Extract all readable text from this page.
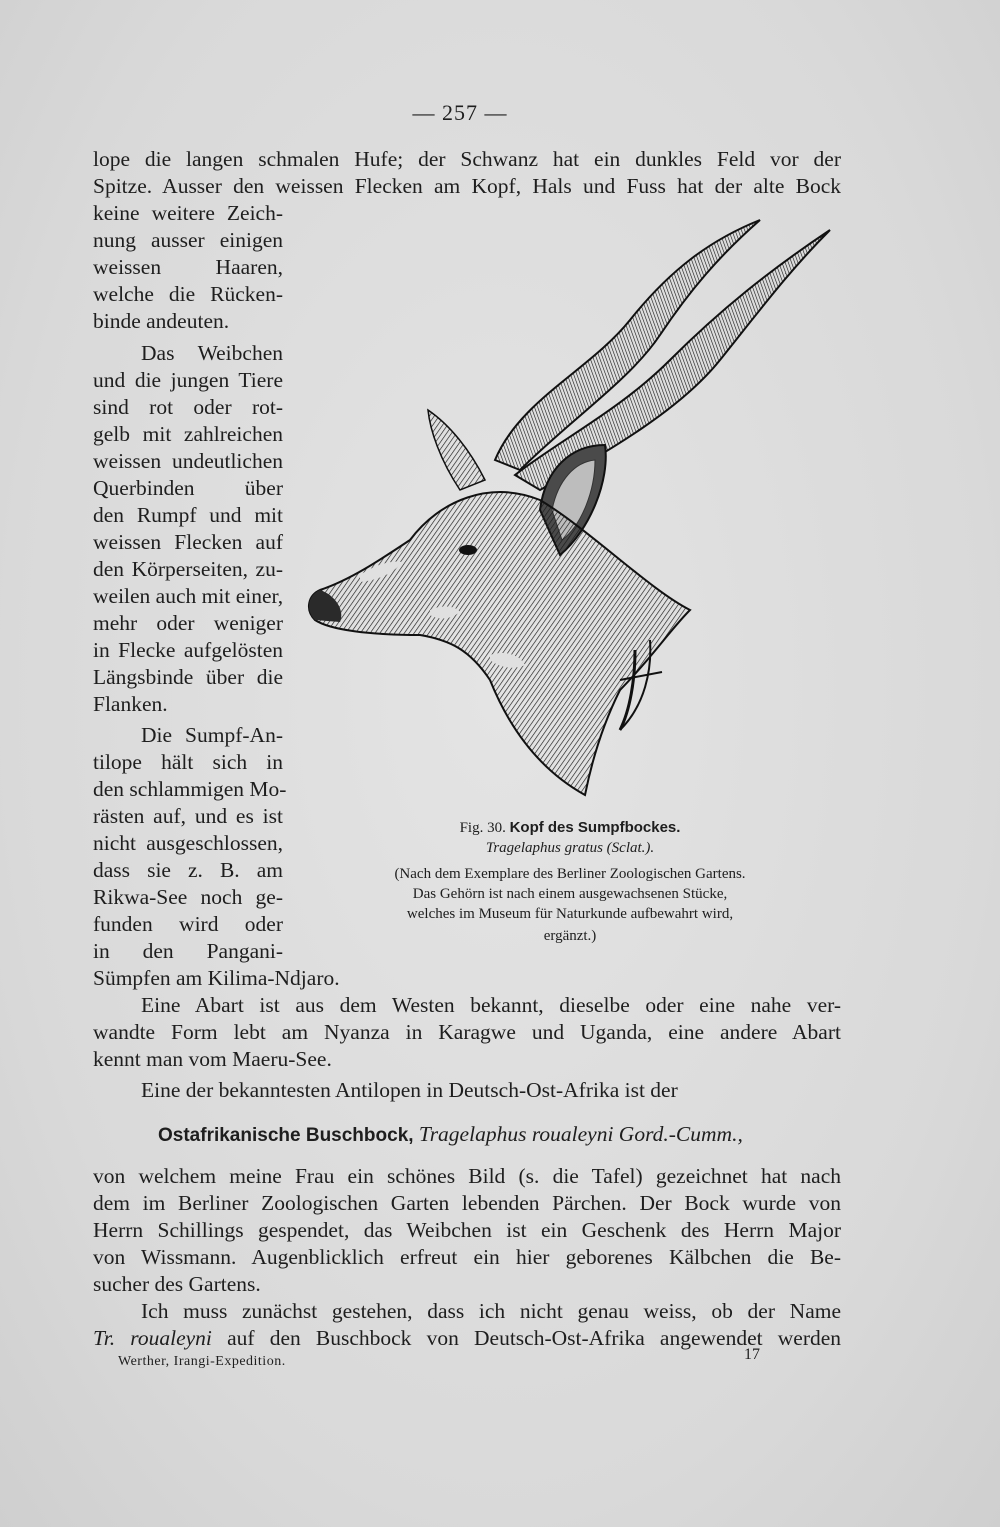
— 257 —
lope die langen schmalen Hufe; der Schwanz hat ein dunkles Feld vor der
Spitze. Ausser den weissen Flecken am Kopf, Hals und Fuss hat der alte Bock
keine weitere Zeich-
nung ausser einigen
weissen Haaren,
welche die Rücken-
binde andeuten.
Das Weibchen
und die jungen Tiere
sind rot oder rot-
gelb mit zahlreichen
weissen undeutlichen
Querbinden über
den Rumpf und mit
weissen Flecken auf
den Körperseiten, zu-
weilen auch mit einer,
mehr oder weniger
in Flecke aufgelösten
Längsbinde über die
Flanken.
Die Sumpf-An-
tilope hält sich in
den schlammigen Mo-
rästen auf, und es ist
nicht ausgeschlossen,
dass sie z. B. am
Rikwa-See noch ge-
funden wird oder
in den Pangani-
Sümpfen am Kilima-Ndjaro.
Eine Abart ist aus dem Westen bekannt, dieselbe oder eine nahe ver-
wandte Form lebt am Nyanza in Karagwe und Uganda, eine andere Abart
kennt man vom Maeru-See.
Eine der bekanntesten Antilopen in Deutsch-Ost-Afrika ist der
Ostafrikanische Buschbock, Tragelaphus roualeyni Gord.-Cumm.,
von welchem meine Frau ein schönes Bild (s. die Tafel) gezeichnet hat nach
dem im Berliner Zoologischen Garten lebenden Pärchen. Der Bock wurde von
Herrn Schillings gespendet, das Weibchen ist ein Geschenk des Herrn Major
von Wissmann. Augenblicklich erfreut ein hier geborenes Kälbchen die Be-
sucher des Gartens.
Ich muss zunächst gestehen, dass ich nicht genau weiss, ob der Name
Tr. roualeyni auf den Buschbock von Deutsch-Ost-Afrika angewendet werden
Fig. 30. Kopf des Sumpfbockes.
Tragelaphus gratus (Sclat.).
(Nach dem Exemplare des Berliner Zoologischen Gartens.
Das Gehörn ist nach einem ausgewachsenen Stücke,
welches im Museum für Naturkunde aufbewahrt wird,
ergänzt.)
Werther, Irangi-Expedition.	17
